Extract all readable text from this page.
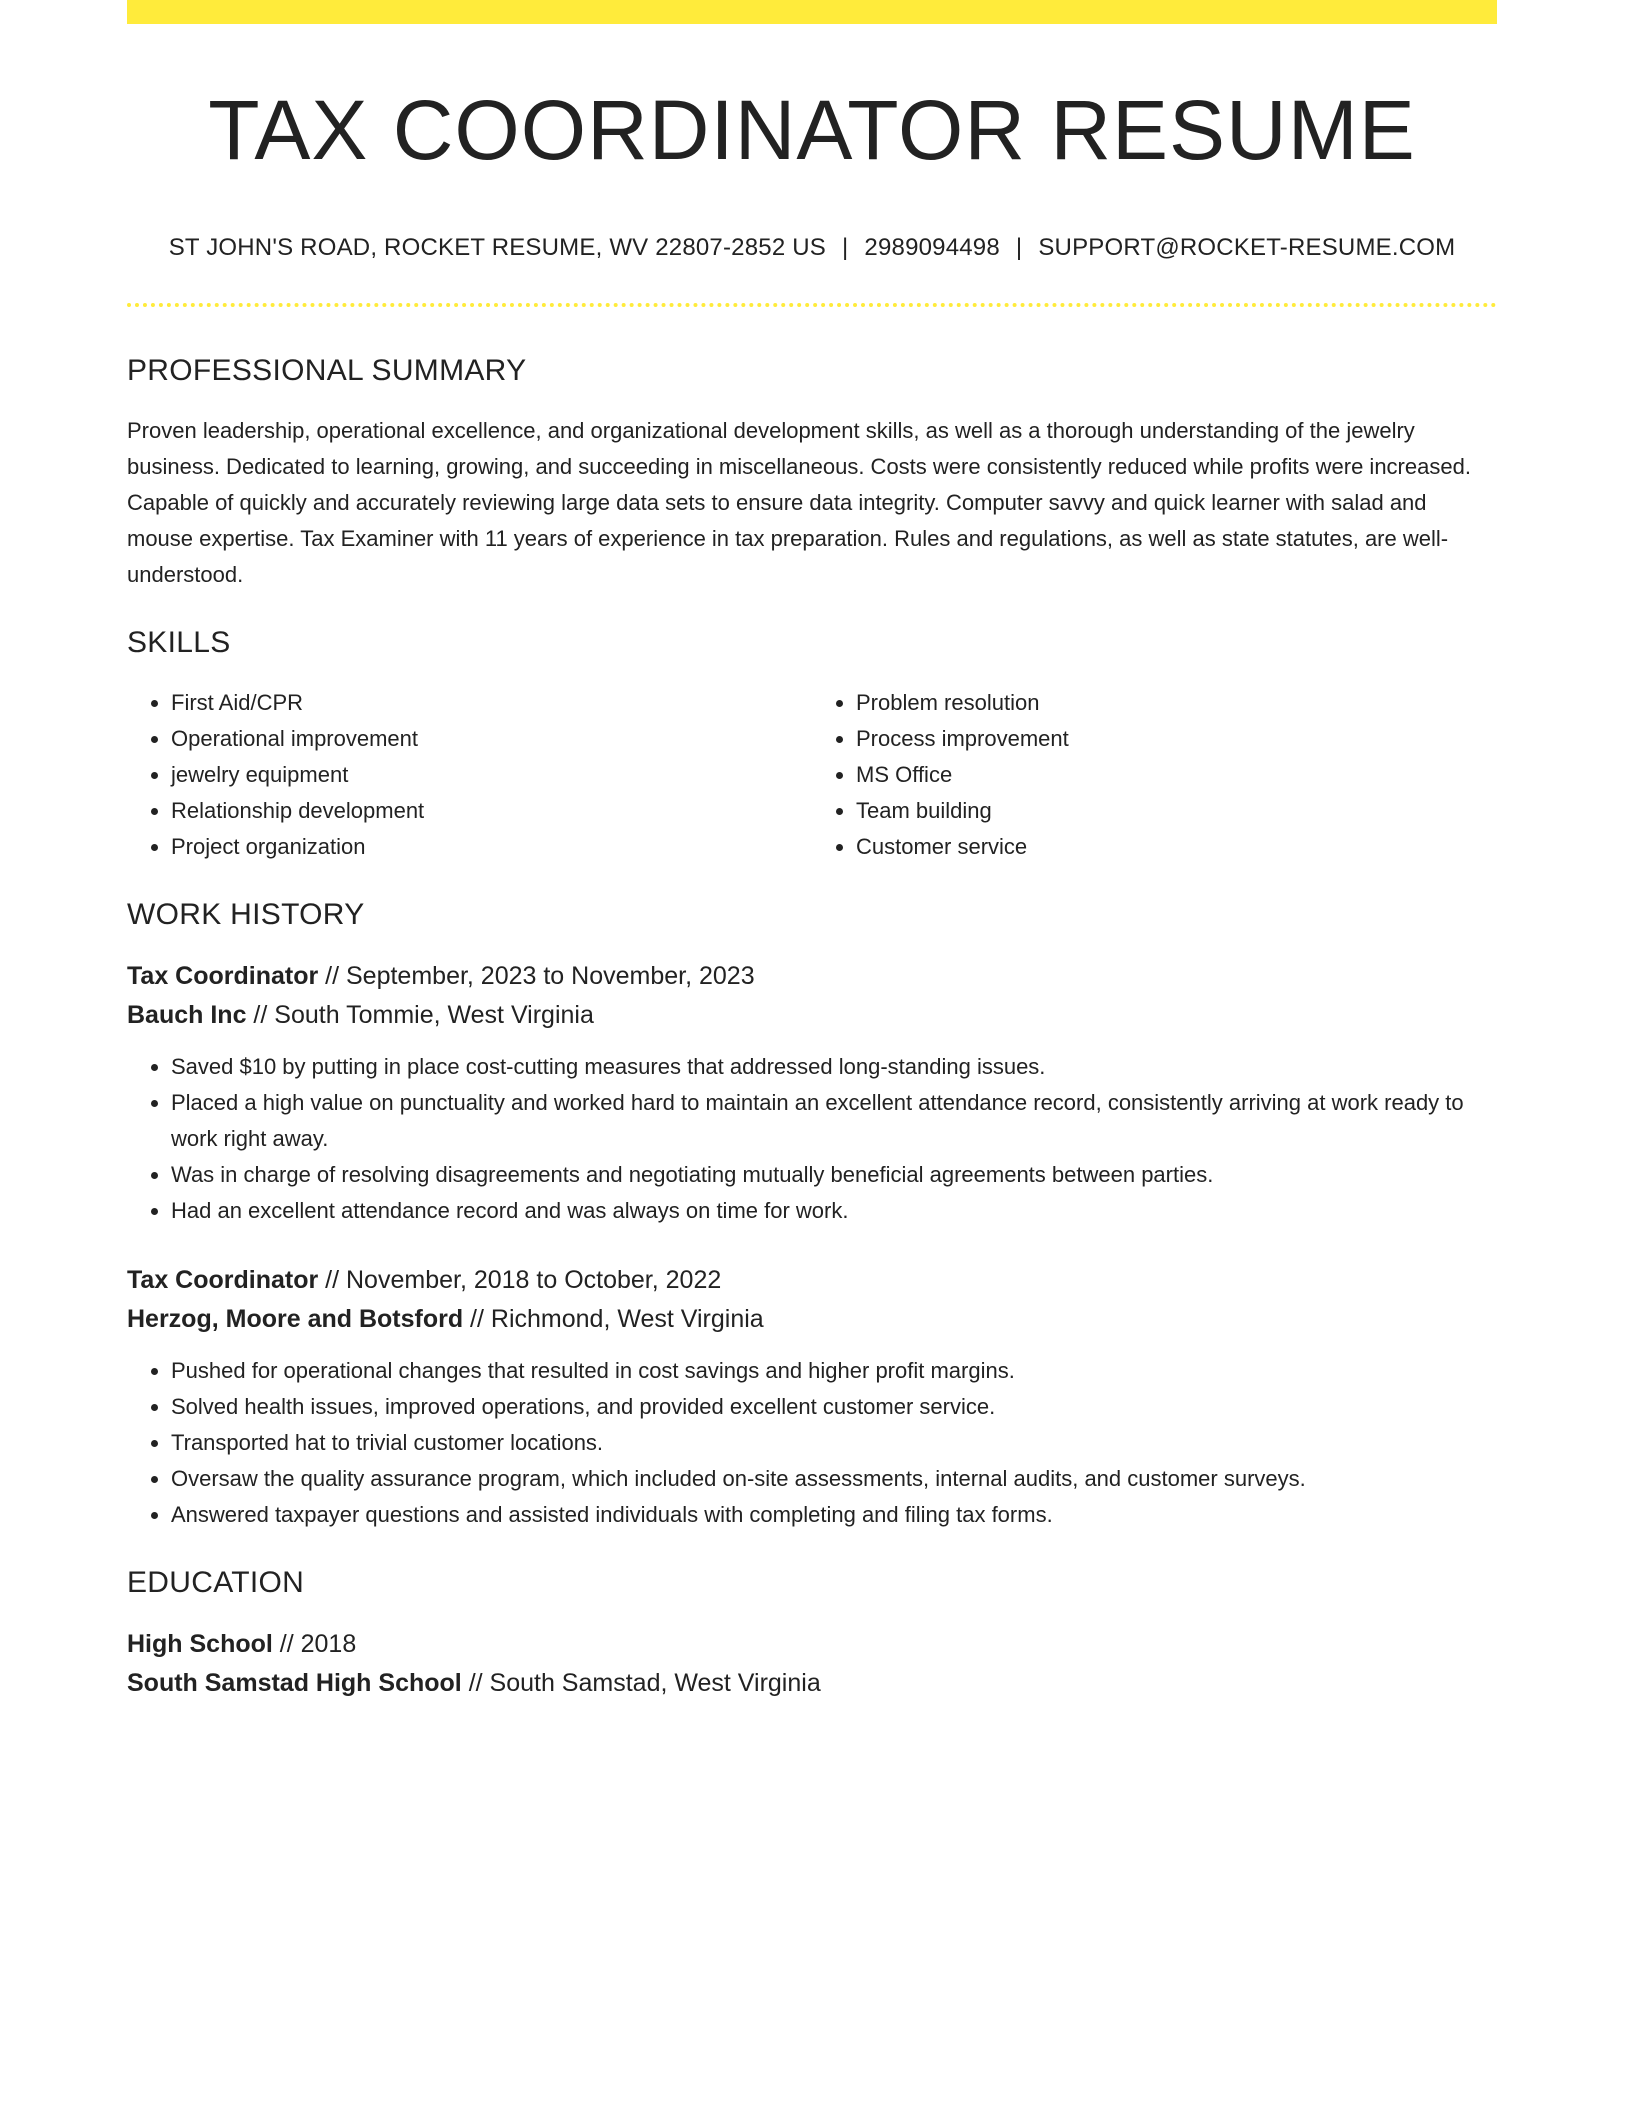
TAX COORDINATOR RESUME
ST JOHN'S ROAD, ROCKET RESUME, WV 22807-2852 US | 2989094498 | SUPPORT@ROCKET-RESUME.COM
PROFESSIONAL SUMMARY

Proven leadership, operational excellence, and organizational development skills, as well as a thorough understanding of the jewelry business. Dedicated to learning, growing, and succeeding in miscellaneous. Costs were consistently reduced while profits were increased. Capable of quickly and accurately reviewing large data sets to ensure data integrity. Computer savvy and quick learner with salad and mouse expertise. Tax Examiner with 11 years of experience in tax preparation. Rules and regulations, as well as state statutes, are well-understood.

SKILLS
• First Aid/CPR
• Operational improvement
• jewelry equipment
• Relationship development
• Project organization
• Problem resolution
• Process improvement
• MS Office
• Team building
• Customer service
WORK HISTORY
Tax Coordinator // September, 2023 to November, 2023
Bauch Inc // South Tommie, West Virginia
• Saved $10 by putting in place cost-cutting measures that addressed long-standing issues.
• Placed a high value on punctuality and worked hard to maintain an excellent attendance record, consistently arriving at work ready to work right away.
• Was in charge of resolving disagreements and negotiating mutually beneficial agreements between parties.
• Had an excellent attendance record and was always on time for work.
Tax Coordinator // November, 2018 to October, 2022
Herzog, Moore and Botsford // Richmond, West Virginia
• Pushed for operational changes that resulted in cost savings and higher profit margins.
• Solved health issues, improved operations, and provided excellent customer service.
• Transported hat to trivial customer locations.
• Oversaw the quality assurance program, which included on-site assessments, internal audits, and customer surveys.
• Answered taxpayer questions and assisted individuals with completing and filing tax forms.
EDUCATION
High School // 2018
South Samstad High School // South Samstad, West Virginia
